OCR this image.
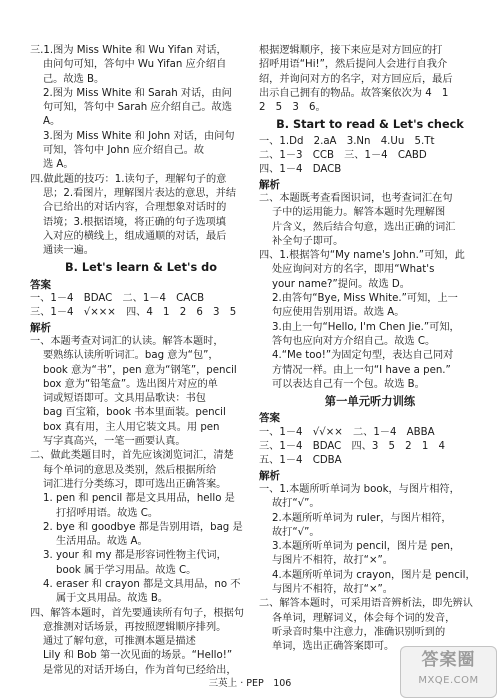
三.1.图为 Miss White 和 Wu Yifan 对话，
由问句可知，答句中 Wu Yifan 应介绍自
己。故选 B。
2.图为 Miss White 和 Sarah 对话，由问
句可知，答句中 Sarah 应介绍自己。故选
A。
3.图为 Miss White 和 John 对话，由问句
可知，答句中 John 应介绍自己。故
选 A。
四.做此题的技巧：1.读句子，理解句子的意
思；2.看图片，理解图片表达的意思，并结
合已给出的对话内容，合理想象对话时的
语境；3.根据语境，将正确的句子选项填
入对应的横线上，组成通顺的对话，最后
通读一遍。
B. Let's learn & Let's do
答案
一、1－4　BDAC　二、1－4　CACB
三、1－4　√×××　四、4　1　2　6　3　5
解析
一、本题考查对词汇的认读。解答本题时，
要熟练认读所听词汇。bag 意为“包”，
book 意为“书”，pen 意为“钢笔”，pencil
box 意为“铅笔盒”。选出图片对应的单
词或短语即可。文具用品歌诀：书包
bag 百宝箱，book 书本里面装。pencil
box 真有用，主人用它装文具。用 pen
写字真高兴，一笔一画要认真。
二、做此类题目时，首先应该浏览词汇，清楚
每个单词的意思及类别，然后根据所给
词汇进行分类练习，即可选出正确答案。
1. pen 和 pencil 都是文具用品，hello 是
打招呼用语。故选 C。
2. bye 和 goodbye 都是告别用语，bag 是
生活用品。故选 A。
3. your 和 my 都是形容词性物主代词，
book 属于学习用品。故选 C。
4. eraser 和 crayon 都是文具用品，no 不
属于文具用品。故选 B。
四、解答本题时，首先要通读所有句子，根据句
意推测对话场景，再按照逻辑顺序排列。
通过了解句意，可推测本题是描述
Lily 和 Bob 第一次见面的场景。“Hello!”
是常见的对话开场白，作为首句已经给出，
根据逻辑顺序，接下来应是对方回应的打
招呼用语“Hi!”，然后提问人会进行自我介
绍，并询问对方的名字，对方回应后，最后
出示自己拥有的物品。故答案依次为 4　1
2　5　3　6。
B. Start to read & Let's check
一、1.Dd　2.aA　3.Nn　4.Uu　5.Tt
二、1－3　CCB　三、1－4　CABD
四、1－4　DACB
解析
二、本题既考查看图识词，也考查词汇在句
子中的运用能力。解答本题时先理解图
片含义，然后结合句意，选出正确的词汇
补全句子即可。
四、1.根据答句“My name's John.”可知，此
处应询问对方的名字，即用“What's
your name?”提问。故选 D。
2.由答句“Bye, Miss White.”可知，上一
句应使用告别用语。故选 A。
3.由上一句“Hello, I'm Chen Jie.”可知，
答句也应向对方介绍自己。故选 C。
4.“Me too!”为固定句型，表达自己同对
方情况一样。由上一句“I have a pen.”
可以表达自己有一个包。故选 B。
第一单元听力训练
答案
一、1－4　√√××　二、1－4　ABBA
三、1－4　BDAC　四、3　5　2　1　4
五、1－4　CDBA
解析
一、1.本题所听单词为 book，与图片相符，
故打“√”。
2.本题所听单词为 ruler，与图片相符，
故打“√”。
3.本题所听单词为 pencil，图片是 pen，
与图片不相符，故打“×”。
4.本题所听单词为 crayon，图片是 pencil，
与图片不相符，故打“×”。
二、解答本题时，可采用语音辨析法，即先辨认
各单词，理解词义，体会每个词的发音，
听录音时集中注意力，准确识别听到的
单词，选出正确答案即可。
三英上 · PEP　106
答案圈
MXQE.COM
